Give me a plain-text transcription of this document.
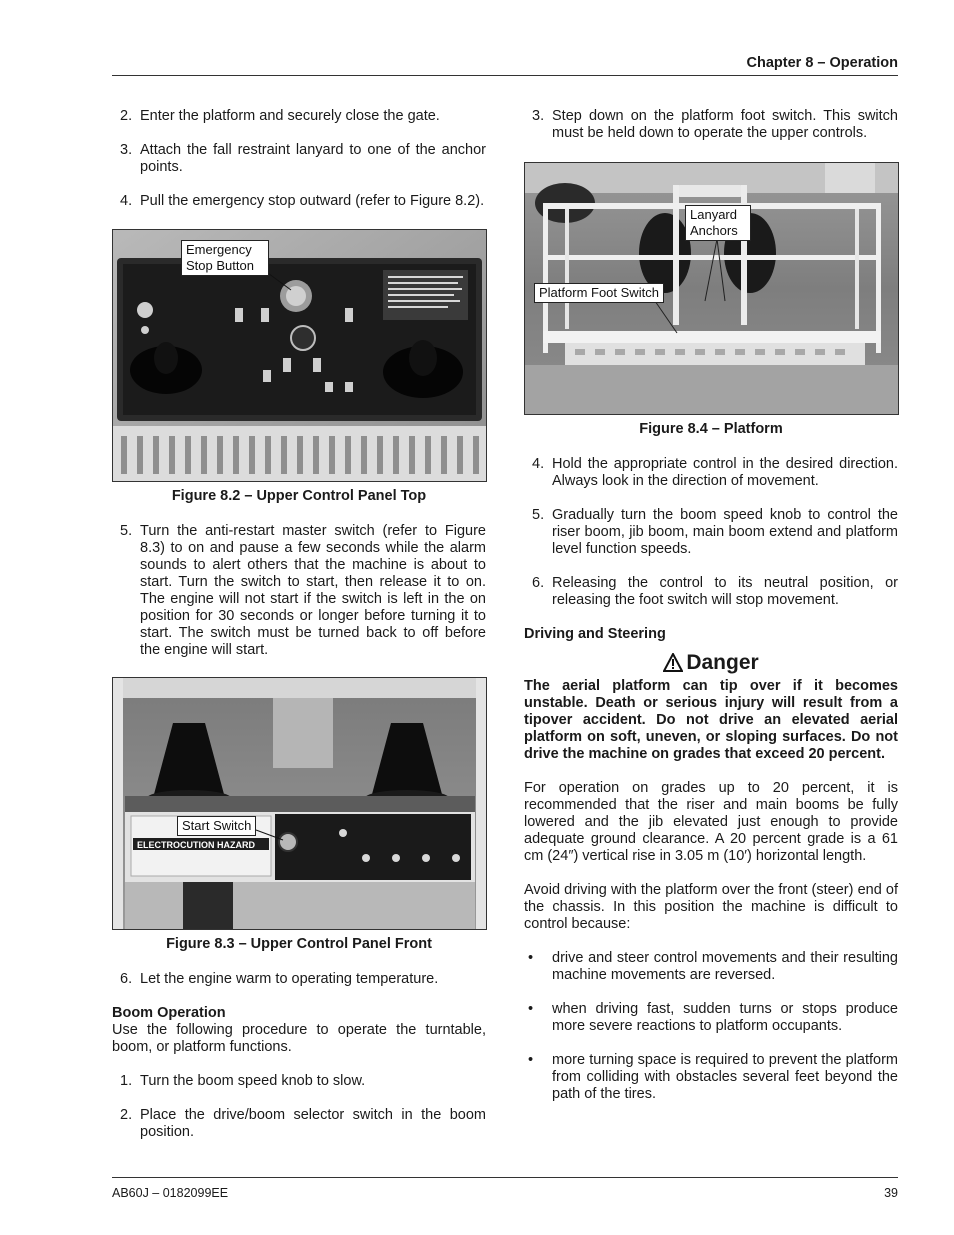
Chapter 8 – Operation
2. Enter the platform and securely close the gate.
3. Attach the fall restraint lanyard to one of the anchor points.
4. Pull the emergency stop outward (refer to Figure 8.2).
Emergency Stop Button
Figure 8.2 – Upper Control Panel Top
5. Turn the anti-restart master switch (refer to Figure 8.3) to on and pause a few seconds while the alarm sounds to alert others that the machine is about to start. Turn the switch to start, then release it to on. The engine will not start if the switch is left in the on position for 30 seconds or longer before turning it to start. The switch must be turned back to off before the engine will start.
ELECTROCUTION HAZARD
Start Switch
Figure 8.3 – Upper Control Panel Front
6. Let the engine warm to operating temperature.

Boom Operation

Use the following procedure to operate the turntable, boom, or platform functions.

1. Turn the boom speed knob to slow.
2. Place the drive/boom selector switch in the boom position.
3. Step down on the platform foot switch. This switch must be held down to operate the upper controls.
Lanyard Anchors
Platform Foot Switch
Figure 8.4 – Platform
4. Hold the appropriate control in the desired direction. Always look in the direction of movement.
5. Gradually turn the boom speed knob to control the riser boom, jib boom, main boom extend and platform level function speeds.
6. Releasing the control to its neutral position, or releasing the foot switch will stop movement.

Driving and Steering

Danger

The aerial platform can tip over if it becomes unstable. Death or serious injury will result from a tipover accident. Do not drive an elevated aerial platform on soft, uneven, or sloping surfaces. Do not drive the machine on grades that exceed 20 percent.

For operation on grades up to 20 percent, it is recommended that the riser and main booms be fully lowered and the jib elevated just enough to provide adequate ground clearance. A 20 percent grade is a 61 cm (24″) vertical rise in 3.05 m (10′) horizontal length.

Avoid driving with the platform over the front (steer) end of the chassis. In this position the machine is difficult to control because:

•	drive and steer control movements and their resulting machine movements are reversed.
•	when driving fast, sudden turns or stops produce more severe reactions to platform occupants.
•	more turning space is required to prevent the platform from colliding with obstacles several feet beyond the path of the tires.
AB60J – 0182099EE	39
